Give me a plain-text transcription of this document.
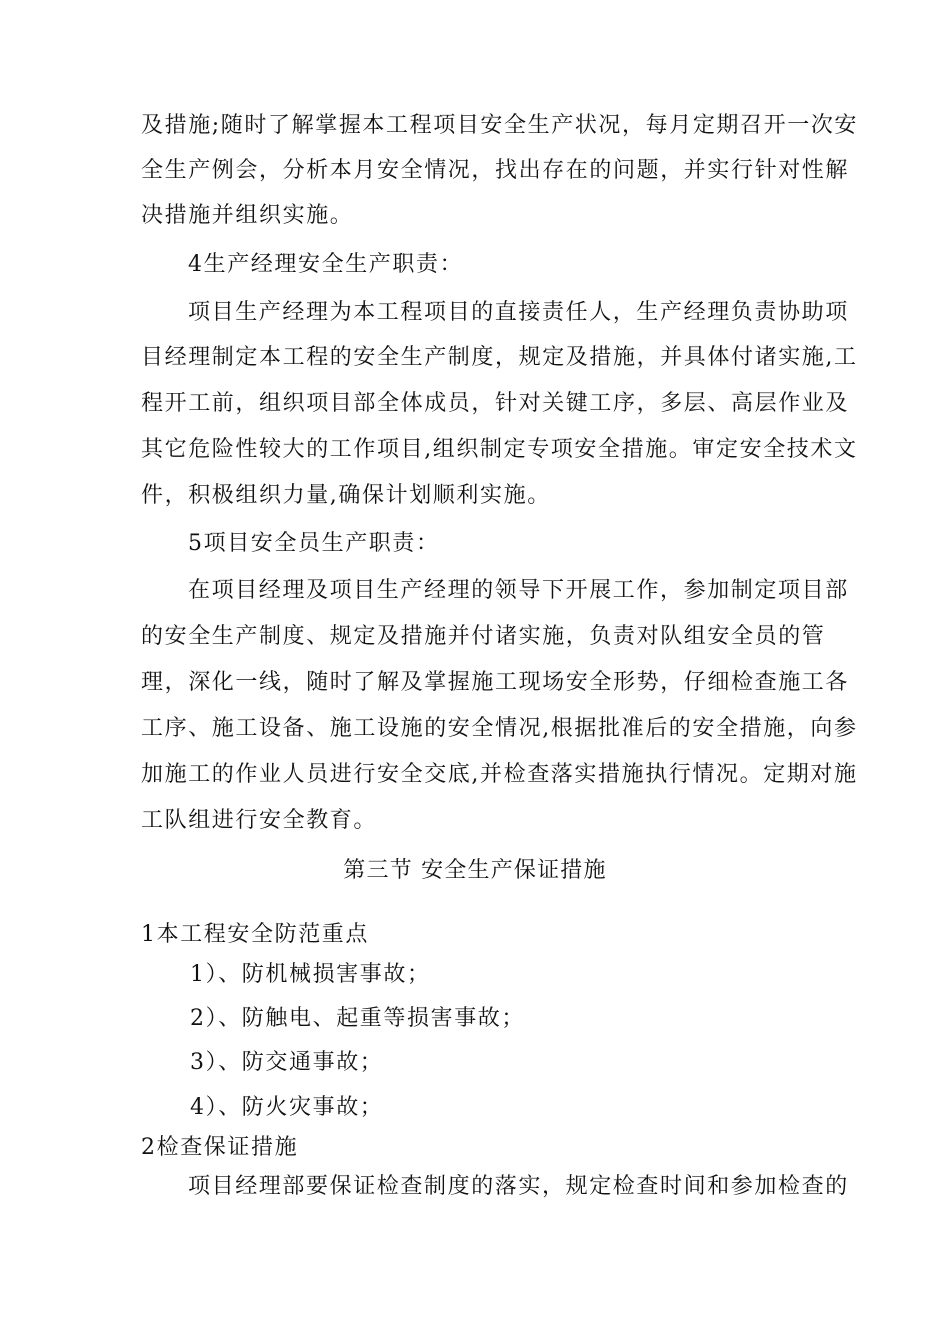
及措施;随时了解掌握本工程项目安全生产状况，每月定期召开一次安
全生产例会，分析本月安全情况，找出存在的问题，并实行针对性解
决措施并组织实施。
4生产经理安全生产职责：
项目生产经理为本工程项目的直接责任人，生产经理负责协助项
目经理制定本工程的安全生产制度，规定及措施，并具体付诸实施,工
程开工前，组织项目部全体成员，针对关键工序，多层、高层作业及
其它危险性较大的工作项目,组织制定专项安全措施。审定安全技术文
件，积极组织力量,确保计划顺利实施。
5项目安全员生产职责：
在项目经理及项目生产经理的领导下开展工作，参加制定项目部
的安全生产制度、规定及措施并付诸实施，负责对队组安全员的管
理，深化一线，随时了解及掌握施工现场安全形势，仔细检查施工各
工序、施工设备、施工设施的安全情况,根据批准后的安全措施，向参
加施工的作业人员进行安全交底,并检查落实措施执行情况。定期对施
工队组进行安全教育。
第三节 安全生产保证措施
1本工程安全防范重点
1）、防机械损害事故；
2）、防触电、起重等损害事故；
3）、防交通事故；
4）、防火灾事故；
2检查保证措施
项目经理部要保证检查制度的落实，规定检查时间和参加检查的
